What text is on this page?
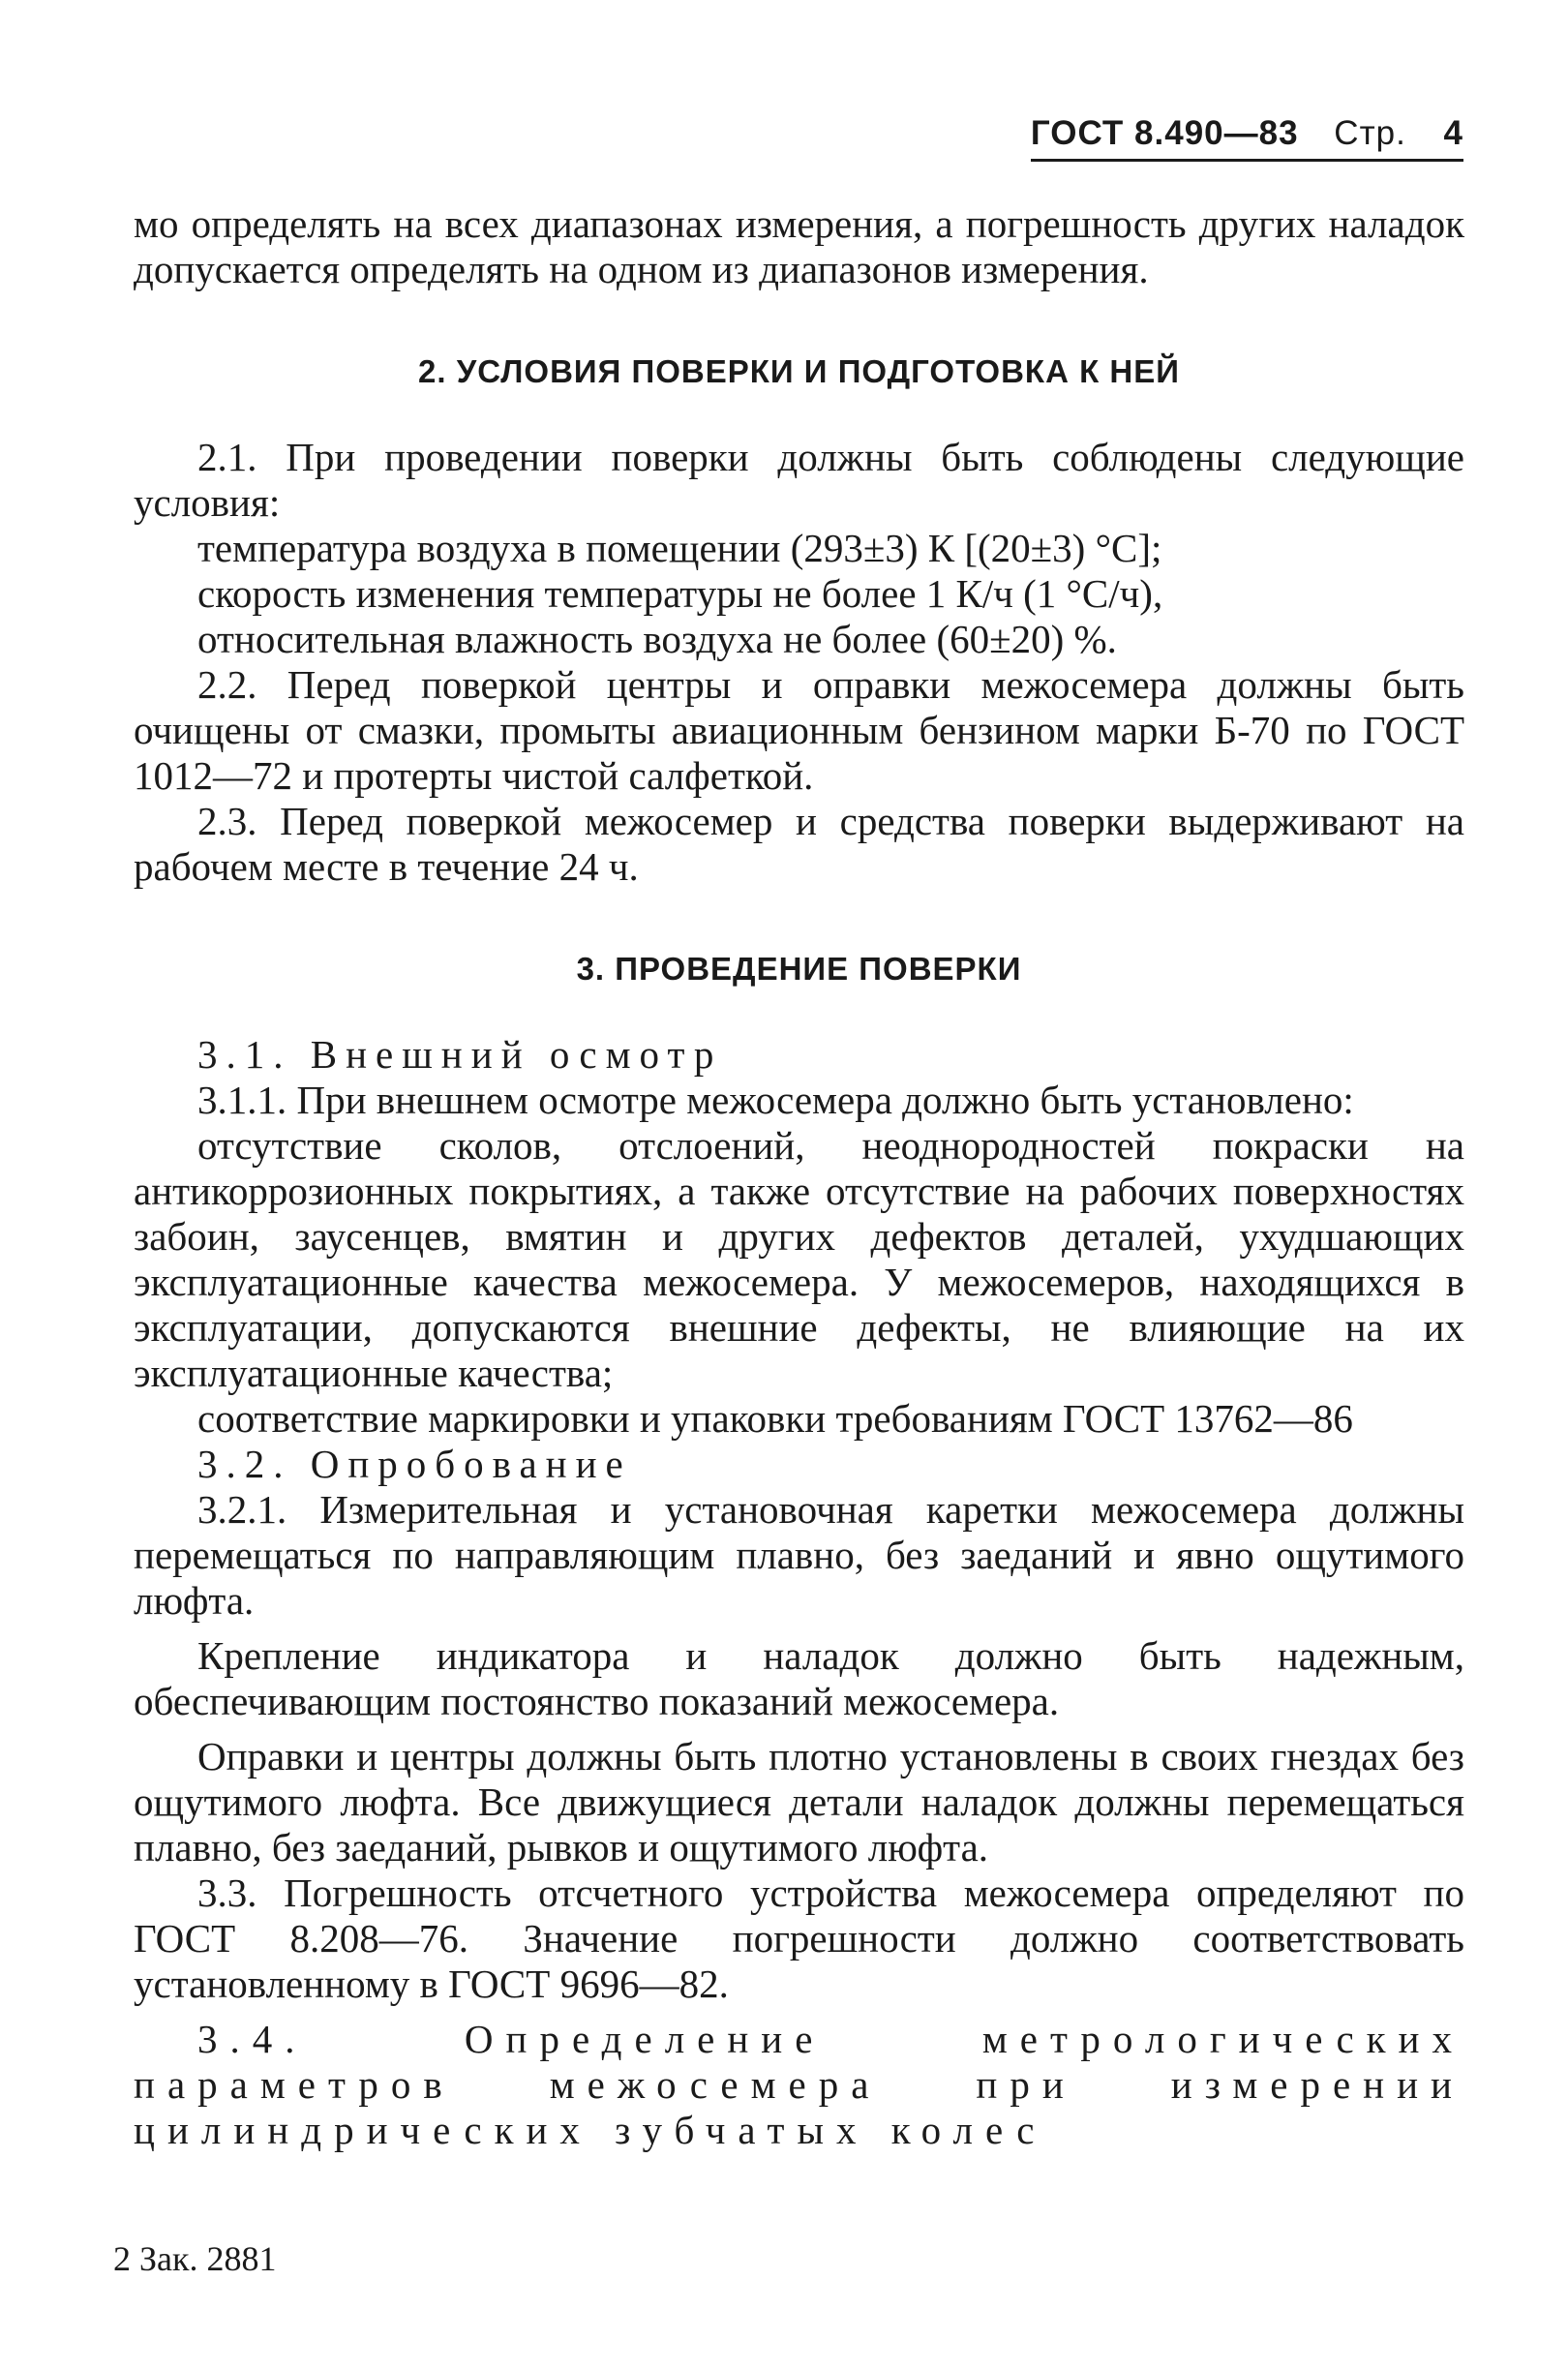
ГОСТ 8.490—83 Стр. 4

мо определять на всех диапазонах измерения, а погрешность других наладок допускается определять на одном из диапазонов измерения.

2. УСЛОВИЯ ПОВЕРКИ И ПОДГОТОВКА К НЕЙ

2.1. При проведении поверки должны быть соблюдены следующие условия:

температура воздуха в помещении (293±3) К [(20±3) °С];

скорость изменения температуры не более 1 К/ч (1 °С/ч),

относительная влажность воздуха не более (60±20) %.

2.2. Перед поверкой центры и оправки межосемера должны быть очищены от смазки, промыты авиационным бензином марки Б-70 по ГОСТ 1012—72 и протерты чистой салфеткой.

2.3. Перед поверкой межосемер и средства поверки выдерживают на рабочем месте в течение 24 ч.

3. ПРОВЕДЕНИЕ ПОВЕРКИ

3.1. Внешний осмотр

3.1.1. При внешнем осмотре межосемера должно быть установлено:

отсутствие сколов, отслоений, неоднородностей покраски на антикоррозионных покрытиях, а также отсутствие на рабочих поверхностях забоин, заусенцев, вмятин и других дефектов деталей, ухудшающих эксплуатационные качества межосемера. У межосемеров, находящихся в эксплуатации, допускаются внешние дефекты, не влияющие на их эксплуатационные качества;

соответствие маркировки и упаковки требованиям ГОСТ 13762—86

3.2. Опробование

3.2.1. Измерительная и установочная каретки межосемера должны перемещаться по направляющим плавно, без заеданий и явно ощутимого люфта.

Крепление индикатора и наладок должно быть надежным, обеспечивающим постоянство показаний межосемера.

Оправки и центры должны быть плотно установлены в своих гнездах без ощутимого люфта. Все движущиеся детали наладок должны перемещаться плавно, без заеданий, рывков и ощутимого люфта.

3.3. Погрешность отсчетного устройства межосемера определяют по ГОСТ 8.208—76. Значение погрешности должно соответствовать установленному в ГОСТ 9696—82.

3.4. Определение метрологических параметров межосемера при измерении цилиндрических зубчатых колес

2 Зак. 2881
